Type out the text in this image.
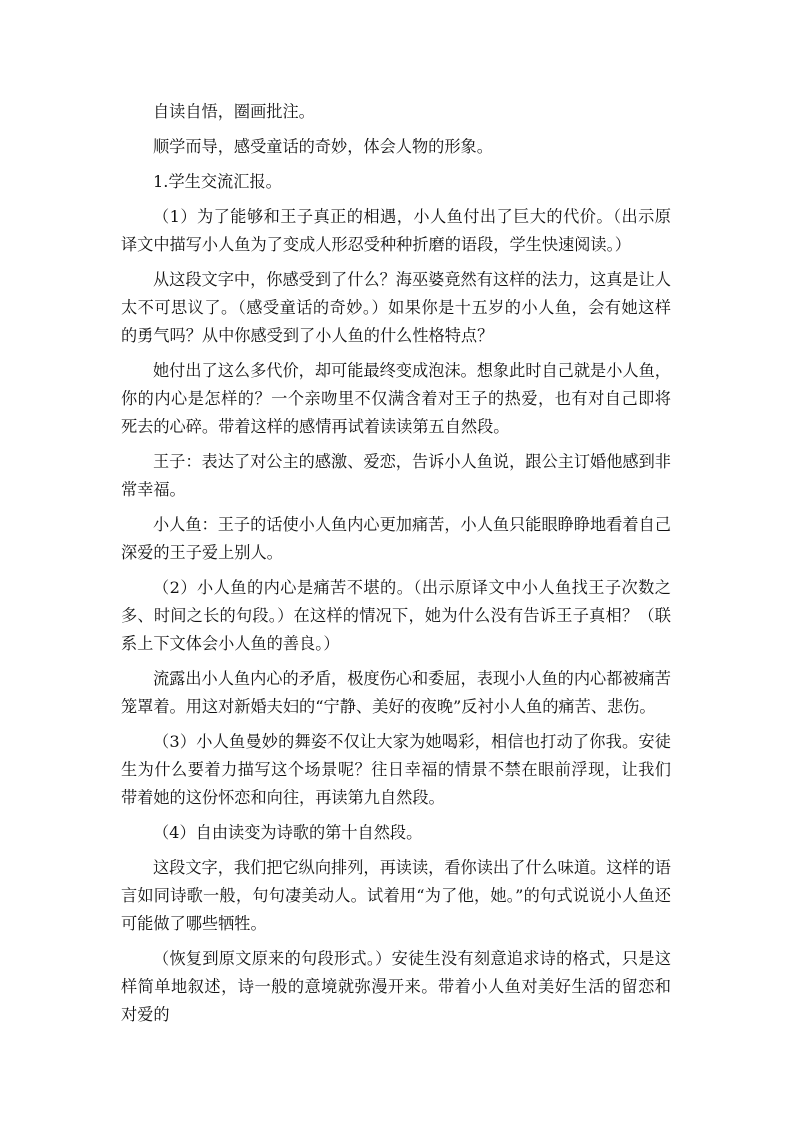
自读自悟，圈画批注。

顺学而导，感受童话的奇妙，体会人物的形象。

1.学生交流汇报。

（1）为了能够和王子真正的相遇，小人鱼付出了巨大的代价。（出示原译文中描写小人鱼为了变成人形忍受种种折磨的语段，学生快速阅读。）

从这段文字中，你感受到了什么？海巫婆竟然有这样的法力，这真是让人太不可思议了。（感受童话的奇妙。）如果你是十五岁的小人鱼，会有她这样的勇气吗？从中你感受到了小人鱼的什么性格特点？

她付出了这么多代价，却可能最终变成泡沫。想象此时自己就是小人鱼，你的内心是怎样的？一个亲吻里不仅满含着对王子的热爱，也有对自己即将死去的心碎。带着这样的感情再试着读读第五自然段。

王子：表达了对公主的感激、爱恋，告诉小人鱼说，跟公主订婚他感到非常幸福。

小人鱼：王子的话使小人鱼内心更加痛苦，小人鱼只能眼睁睁地看着自己深爱的王子爱上别人。

（2）小人鱼的内心是痛苦不堪的。（出示原译文中小人鱼找王子次数之多、时间之长的句段。）在这样的情况下，她为什么没有告诉王子真相？（联系上下文体会小人鱼的善良。）

流露出小人鱼内心的矛盾，极度伤心和委屈，表现小人鱼的内心都被痛苦笼罩着。用这对新婚夫妇的“宁静、美好的夜晚”反衬小人鱼的痛苦、悲伤。

（3）小人鱼曼妙的舞姿不仅让大家为她喝彩，相信也打动了你我。安徒生为什么要着力描写这个场景呢？往日幸福的情景不禁在眼前浮现，让我们带着她的这份怀恋和向往，再读第九自然段。

（4）自由读变为诗歌的第十自然段。

这段文字，我们把它纵向排列，再读读，看你读出了什么味道。这样的语言如同诗歌一般，句句凄美动人。试着用“为了他，她。”的句式说说小人鱼还可能做了哪些牺牲。

（恢复到原文原来的句段形式。）安徒生没有刻意追求诗的格式，只是这样简单地叙述，诗一般的意境就弥漫开来。带着小人鱼对美好生活的留恋和对爱的
